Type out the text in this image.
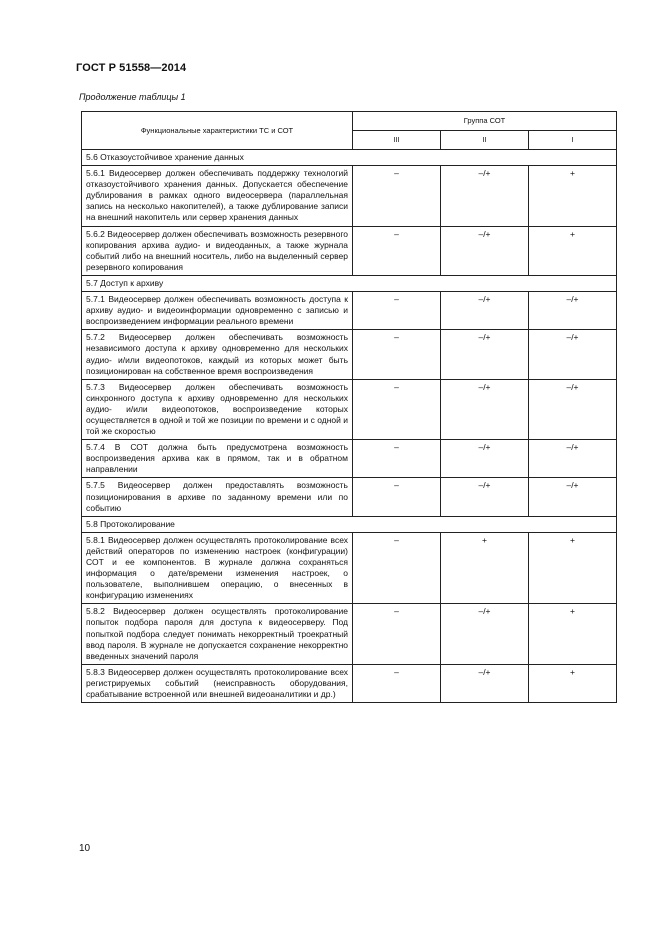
ГОСТ Р 51558—2014
Продолжение таблицы 1
Функциональные характеристики ТС и СОТ	Группа СОТ		
	III	II	I
5.6 Отказоустойчивое хранение данных			
5.6.1 Видеосервер должен обеспечивать поддержку технологий отказоустойчивого хранения данных. Допускается обеспечение дублирования в рамках одного видеосервера (параллельная запись на несколько накопителей), а также дублирование записи на внешний накопитель или сервер хранения данных	–	–/+	+
5.6.2 Видеосервер должен обеспечивать возможность резервного копирования архива аудио- и видеоданных, а также журнала событий либо на внешний носитель, либо на выделенный сервер резервного копирования	–	–/+	+
5.7 Доступ к архиву			
5.7.1 Видеосервер должен обеспечивать возможность доступа к архиву аудио- и видеоинформации одновременно с записью и воспроизведением информации реального времени	–	–/+	–/+
5.7.2 Видеосервер должен обеспечивать возможность независимого доступа к архиву одновременно для нескольких аудио- и/или видеопотоков, каждый из которых может быть позиционирован на собственное время воспроизведения	–	–/+	–/+
5.7.3 Видеосервер должен обеспечивать возможность синхронного доступа к архиву одновременно для нескольких аудио- и/или видеопотоков, воспроизведение которых осуществляется в одной и той же позиции по времени и с одной и той же скоростью	–	–/+	–/+
5.7.4 В СОТ должна быть предусмотрена возможность воспроизведения архива как в прямом, так и в обратном направлении	–	–/+	–/+
5.7.5 Видеосервер должен предоставлять возможность позиционирования в архиве по заданному времени или по событию	–	–/+	–/+
5.8 Протоколирование			
5.8.1 Видеосервер должен осуществлять протоколирование всех действий операторов по изменению настроек (конфигурации) СОТ и ее компонентов. В журнале должна сохраняться информация о дате/времени изменения настроек, о пользователе, выполнившем операцию, о внесенных в конфигурацию изменениях	–	+	+
5.8.2 Видеосервер должен осуществлять протоколирование попыток подбора пароля для доступа к видеосерверу. Под попыткой подбора следует понимать некорректный троекратный ввод пароля. В журнале не допускается сохранение некорректно введенных значений пароля	–	–/+	+
5.8.3 Видеосервер должен осуществлять протоколирование всех регистрируемых событий (неисправность оборудования, срабатывание встроенной или внешней видеоаналитики и др.)	–	–/+	+
10
